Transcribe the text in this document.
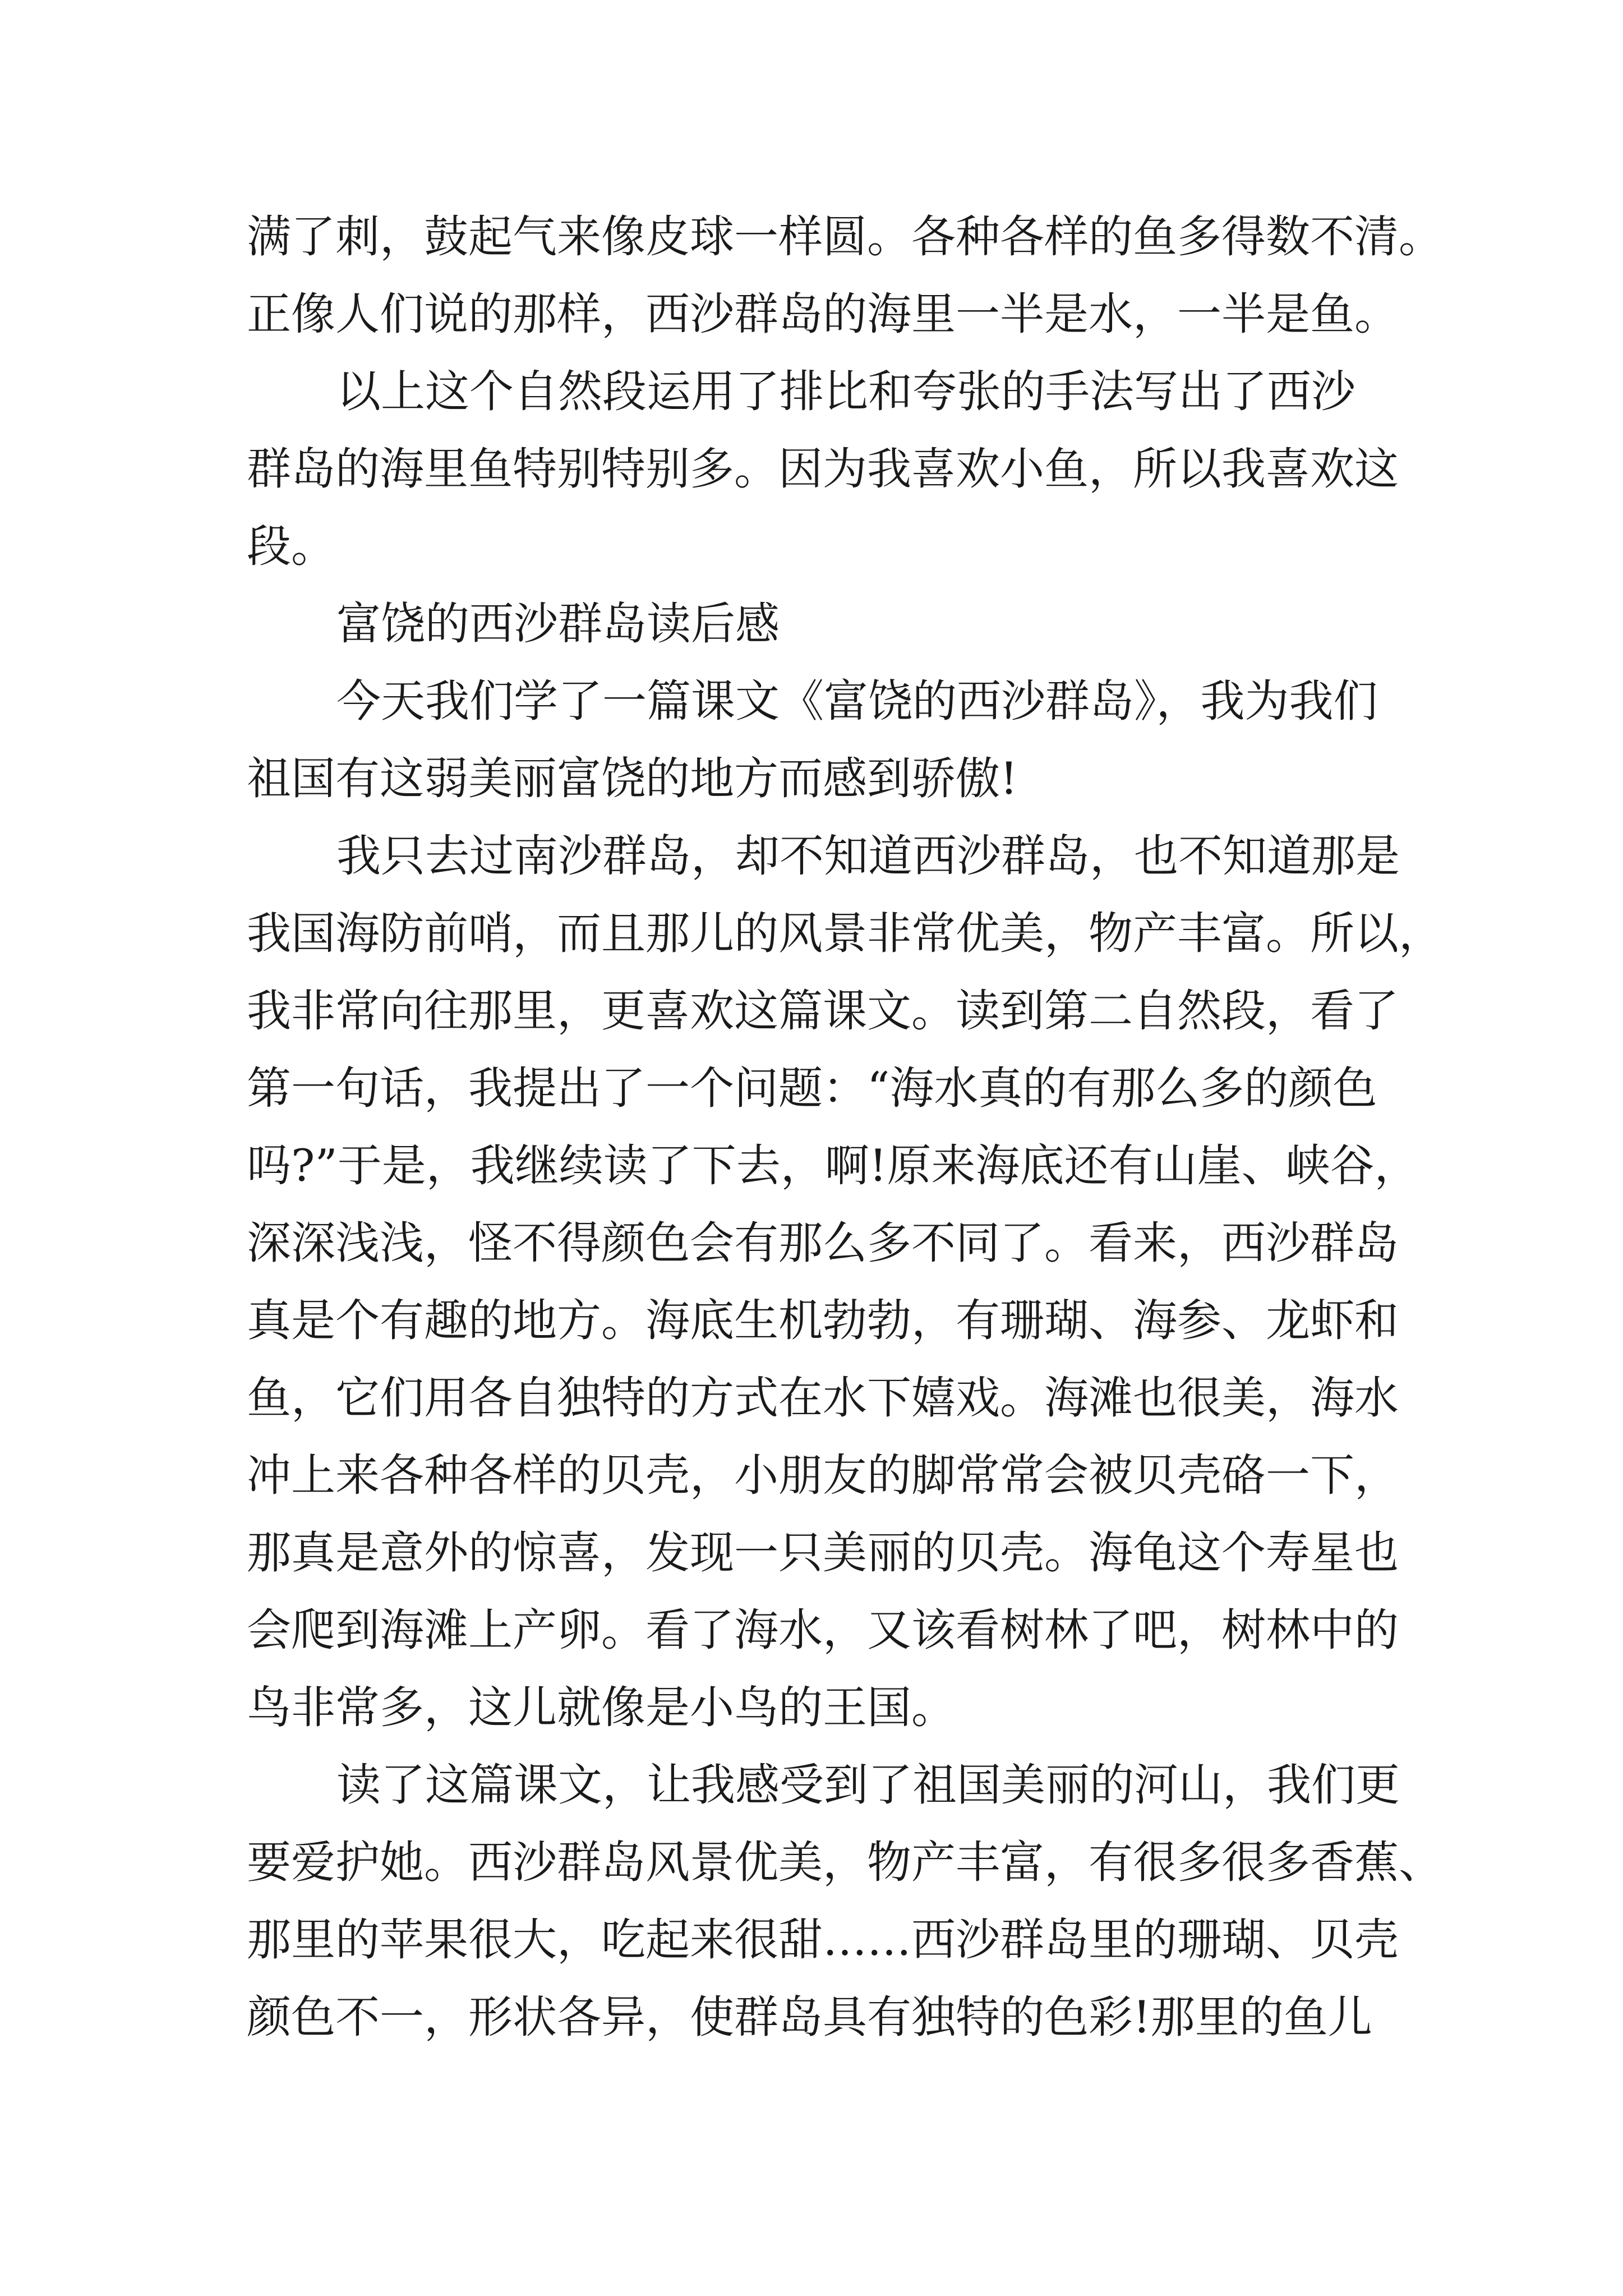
满了刺，鼓起气来像皮球一样圆。各种各样的鱼多得数不清。
正像人们说的那样，西沙群岛的海里一半是水，一半是鱼。
以上这个自然段运用了排比和夸张的手法写出了西沙
群岛的海里鱼特别特别多。因为我喜欢小鱼，所以我喜欢这
段。
富饶的西沙群岛读后感
今天我们学了一篇课文《富饶的西沙群岛》，我为我们
祖国有这弱美丽富饶的地方而感到骄傲!
我只去过南沙群岛，却不知道西沙群岛，也不知道那是
我国海防前哨，而且那儿的风景非常优美，物产丰富。所以，
我非常向往那里，更喜欢这篇课文。读到第二自然段，看了
第一句话，我提出了一个问题：“海水真的有那么多的颜色
吗?”于是，我继续读了下去，啊!原来海底还有山崖、峡谷，
深深浅浅，怪不得颜色会有那么多不同了。看来，西沙群岛
真是个有趣的地方。海底生机勃勃，有珊瑚、海参、龙虾和
鱼，它们用各自独特的方式在水下嬉戏。海滩也很美，海水
冲上来各种各样的贝壳，小朋友的脚常常会被贝壳硌一下，
那真是意外的惊喜，发现一只美丽的贝壳。海龟这个寿星也
会爬到海滩上产卵。看了海水，又该看树林了吧，树林中的
鸟非常多，这儿就像是小鸟的王国。
读了这篇课文，让我感受到了祖国美丽的河山，我们更
要爱护她。西沙群岛风景优美，物产丰富，有很多很多香蕉、
那里的苹果很大，吃起来很甜……西沙群岛里的珊瑚、贝壳
颜色不一，形状各异，使群岛具有独特的色彩!那里的鱼儿
